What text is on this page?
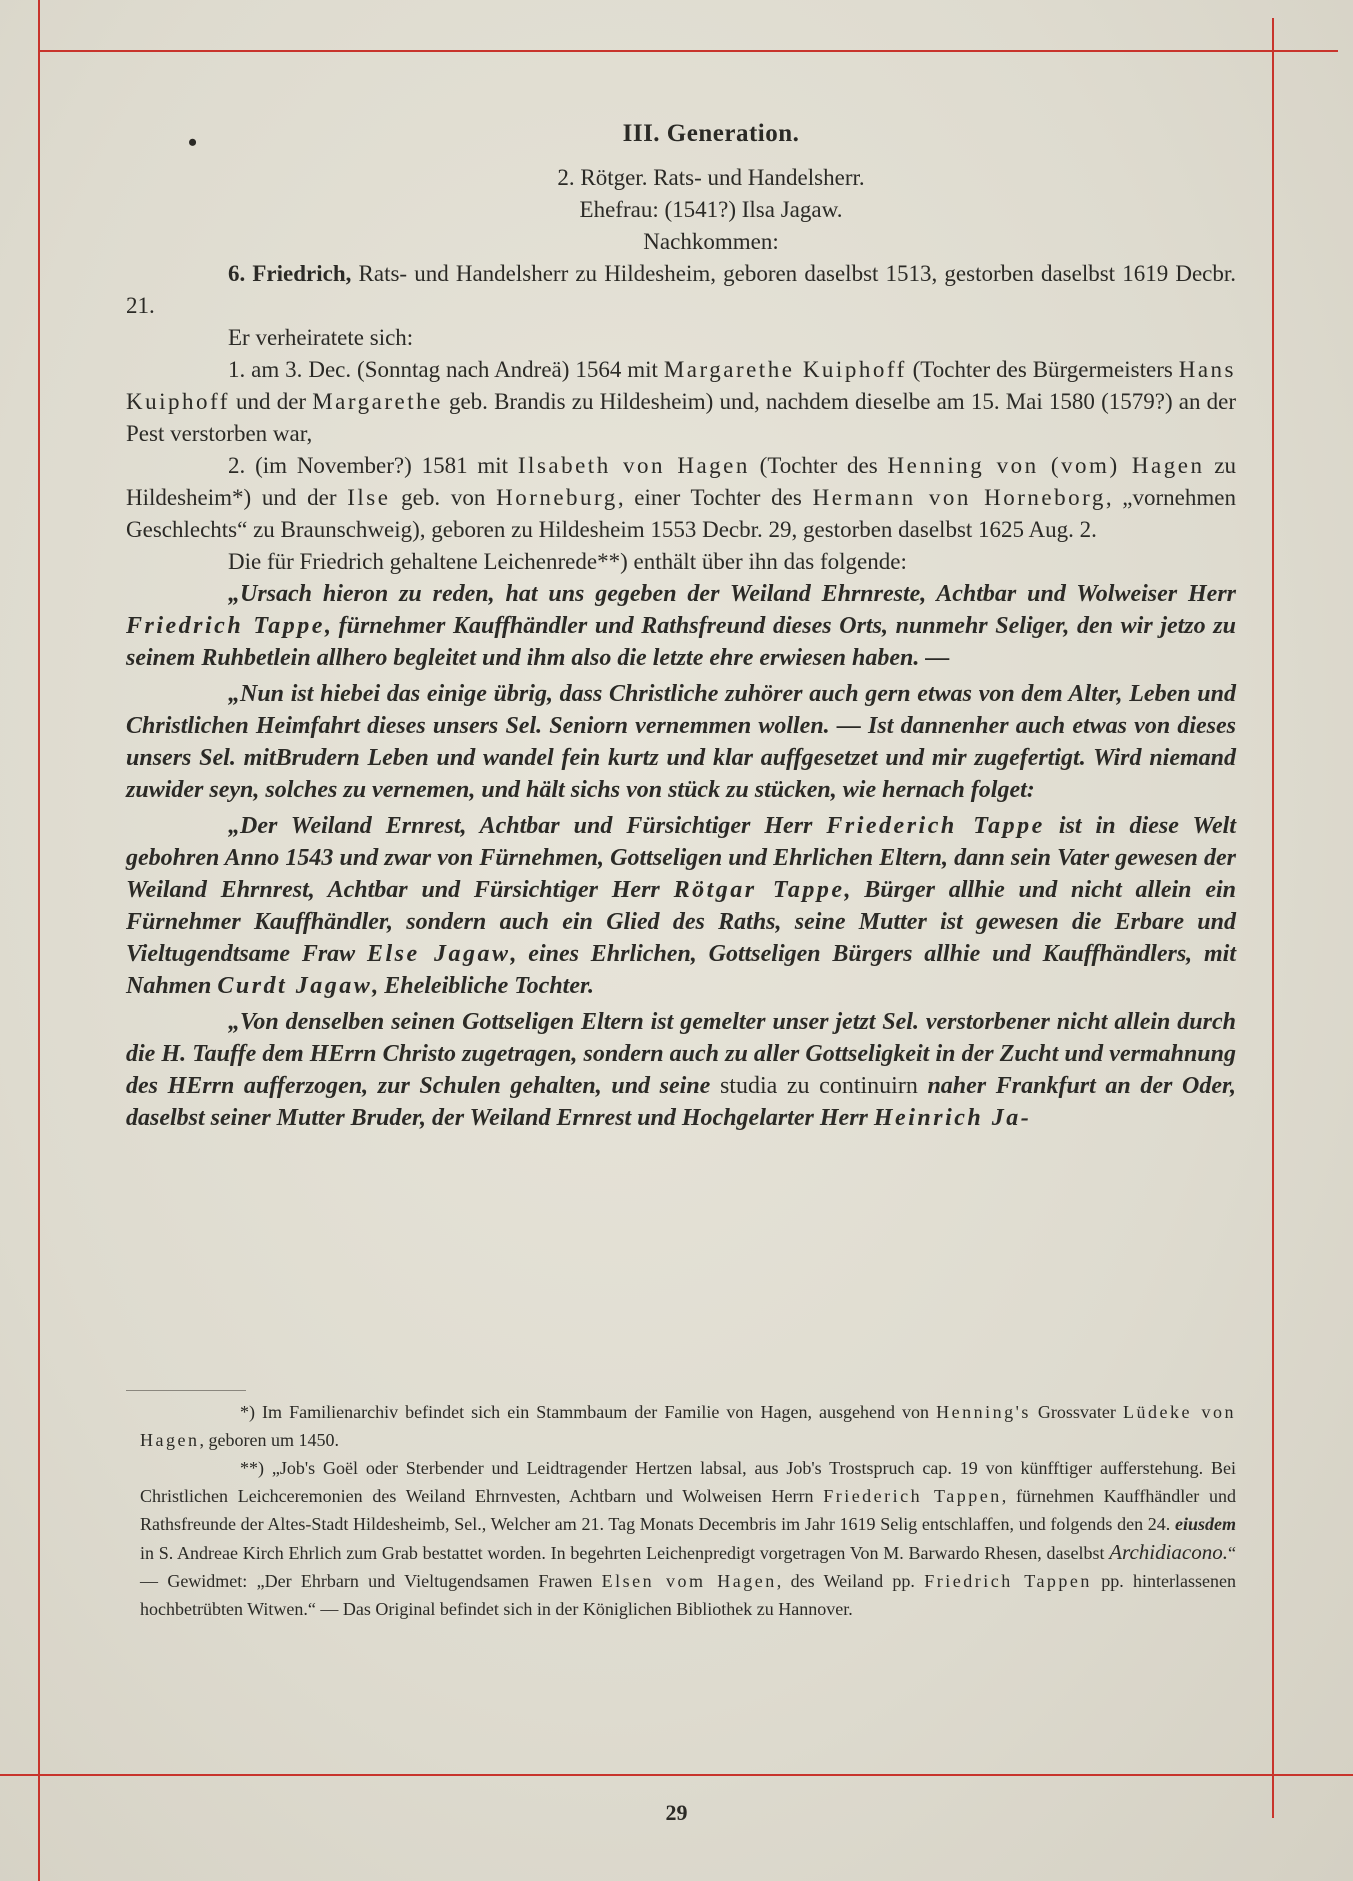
•	III. Generation.
2. Rötger. Rats- und Handelsherr.
Ehefrau: (1541?) Ilsa Jagaw.
Nachkommen:

6. Friedrich, Rats- und Handelsherr zu Hildesheim, geboren daselbst 1513, gestorben daselbst 1619 Decbr. 21.

Er verheiratete sich:

1. am 3. Dec. (Sonntag nach Andreä) 1564 mit Margarethe Kuiphoff (Tochter des Bürgermeisters Hans Kuiphoff und der Margarethe geb. Brandis zu Hildesheim) und, nachdem dieselbe am 15. Mai 1580 (1579?) an der Pest verstorben war,

2. (im November?) 1581 mit Ilsabeth von Hagen (Tochter des Henning von (vom) Hagen zu Hildesheim*) und der Ilse geb. von Horneburg, einer Tochter des Hermann von Horneborg, „vornehmen Geschlechts“ zu Braunschweig), geboren zu Hildesheim 1553 Decbr. 29, gestorben daselbst 1625 Aug. 2.

Die für Friedrich gehaltene Leichenrede**) enthält über ihn das folgende:

„Ursach hieron zu reden, hat uns gegeben der Weiland Ehrnreste, Achtbar und Wolweiser Herr Friedrich Tappe, fürnehmer Kauffhändler und Rathsfreund dieses Orts, nunmehr Seliger, den wir jetzo zu seinem Ruhbetlein allhero begleitet und ihm also die letzte ehre erwiesen haben. —

„Nun ist hiebei das einige übrig, dass Christliche zuhörer auch gern etwas von dem Alter, Leben und Christlichen Heimfahrt dieses unsers Sel. Seniorn vernemmen wollen. — Ist dannenher auch etwas von dieses unsers Sel. mitBrudern Leben und wandel fein kurtz und klar auffgesetzet und mir zugefertigt. Wird niemand zuwider seyn, solches zu vernemen, und hält sichs von stück zu stücken, wie hernach folget:

„Der Weiland Ernrest, Achtbar und Fürsichtiger Herr Friederich Tappe ist in diese Welt gebohren Anno 1543 und zwar von Fürnehmen, Gottseligen und Ehrlichen Eltern, dann sein Vater gewesen der Weiland Ehrnrest, Achtbar und Fürsichtiger Herr Rötgar Tappe, Bürger allhie und nicht allein ein Fürnehmer Kauffhändler, sondern auch ein Glied des Raths, seine Mutter ist gewesen die Erbare und Vieltugendtsame Fraw Else Jagaw, eines Ehrlichen, Gottseligen Bürgers allhie und Kauffhändlers, mit Nahmen Curdt Jagaw, Eheleibliche Tochter.

„Von denselben seinen Gottseligen Eltern ist gemelter unser jetzt Sel. verstorbener nicht allein durch die H. Tauffe dem HErrn Christo zugetragen, sondern auch zu aller Gottseligkeit in der Zucht und vermahnung des HErrn aufferzogen, zur Schulen gehalten, und seine studia zu continuirn naher Frankfurt an der Oder, daselbst seiner Mutter Bruder, der Weiland Ernrest und Hochgelarter Herr Heinrich Ja-

*) Im Familienarchiv befindet sich ein Stammbaum der Familie von Hagen, ausgehend von Henning's Grossvater Lüdeke von Hagen, geboren um 1450.

**) „Job's Goël oder Sterbender und Leidtragender Hertzen labsal, aus Job's Trostspruch cap. 19 von künfftiger aufferstehung. Bei Christlichen Leichceremonien des Weiland Ehrnvesten, Achtbarn und Wolweisen Herrn Friederich Tappen, fürnehmen Kauffhändler und Rathsfreunde der Altes-Stadt Hildesheimb, Sel., Welcher am 21. Tag Monats Decembris im Jahr 1619 Selig entschlaffen, und folgends den 24. eiusdem in S. Andreae Kirch Ehrlich zum Grab bestattet worden. In begehrten Leichenpredigt vorgetragen Von M. Barwardo Rhesen, daselbst Archidiacono.“ — Gewidmet: „Der Ehrbarn und Vieltugendsamen Frawen Elsen vom Hagen, des Weiland pp. Friedrich Tappen pp. hinterlassenen hochbetrübten Witwen.“ — Das Original befindet sich in der Königlichen Bibliothek zu Hannover.

29
